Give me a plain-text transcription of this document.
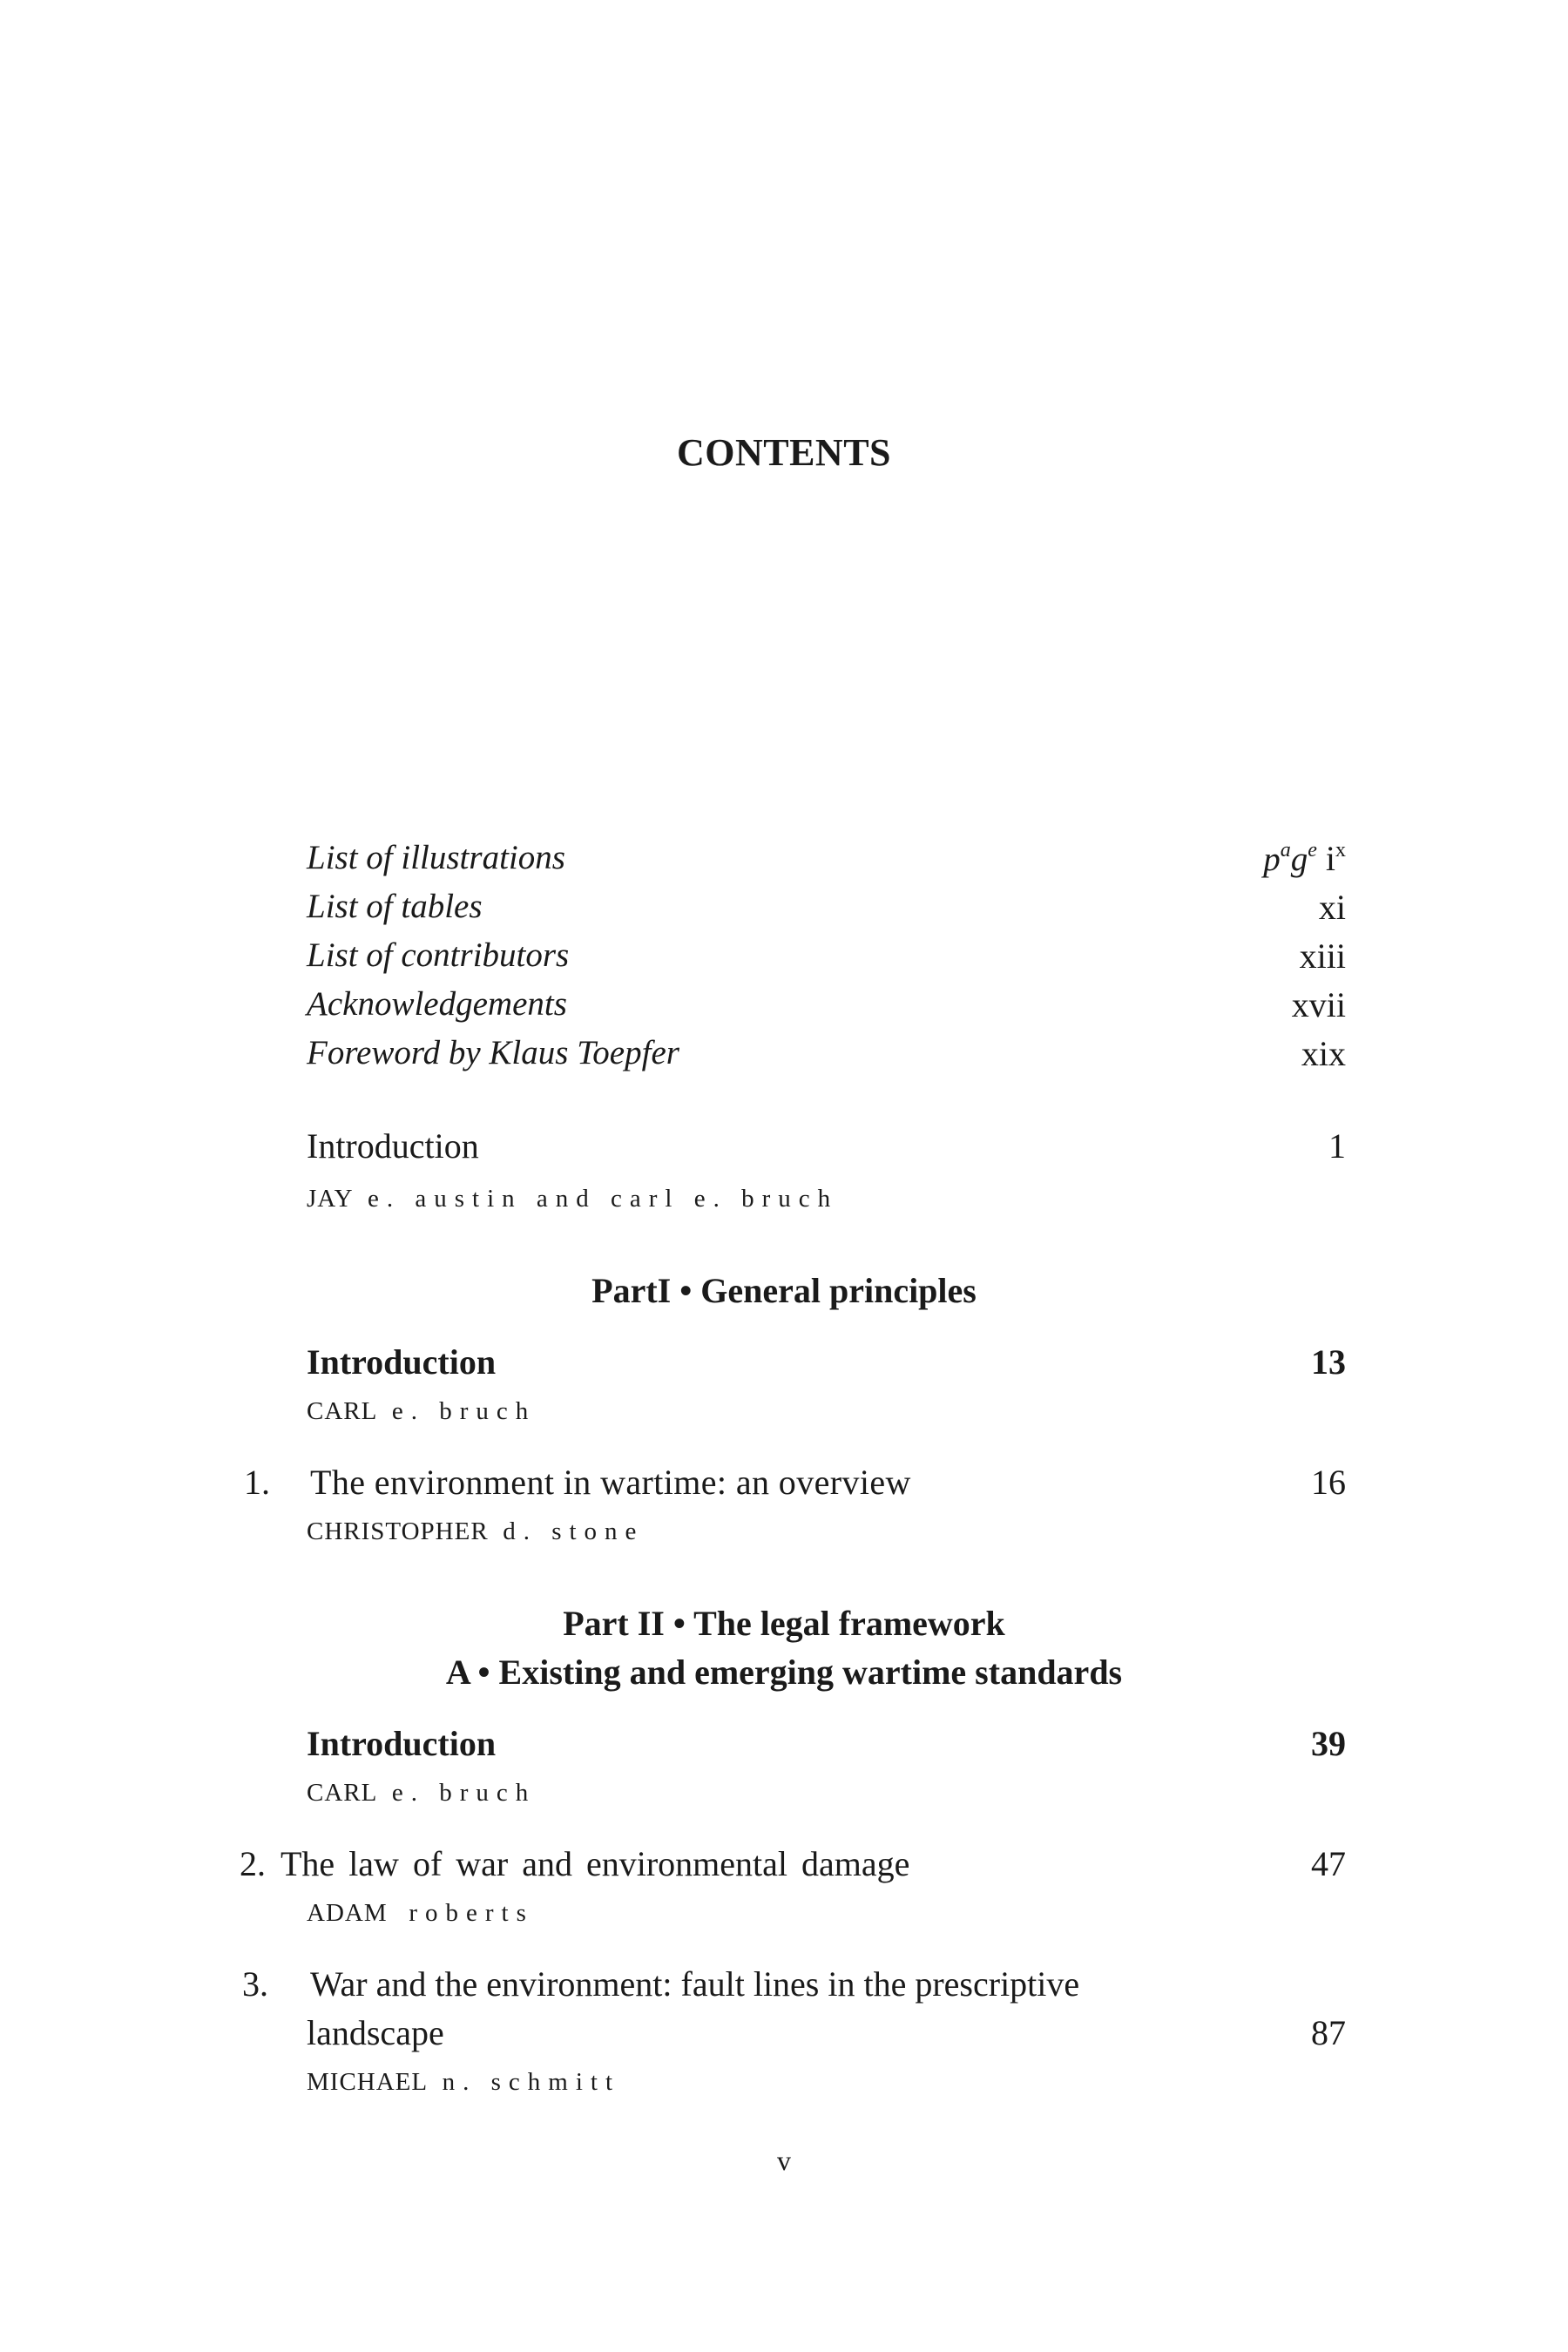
CONTENTS
List of illustrations	$p^ag^e$ $i^x$
List of tables	xi
List of contributors	xiii
Acknowledgements	xvii
Foreword by Klaus Toepfer	xix
Introduction	1
JAY e. austin and carl e. bruch
PartI • General principles
Introduction	13
CARL e. bruch
1. The environment in wartime: an overview	16
CHRISTOPHER d. stone
Part II • The legal framework
A • Existing and emerging wartime standards
Introduction	39
CARL e. bruch
2. The law of war and environmental damage	47
ADAM roberts
3. War and the environment: fault lines in the prescriptive
landscape	87
MICHAEL n. schmitt
v
